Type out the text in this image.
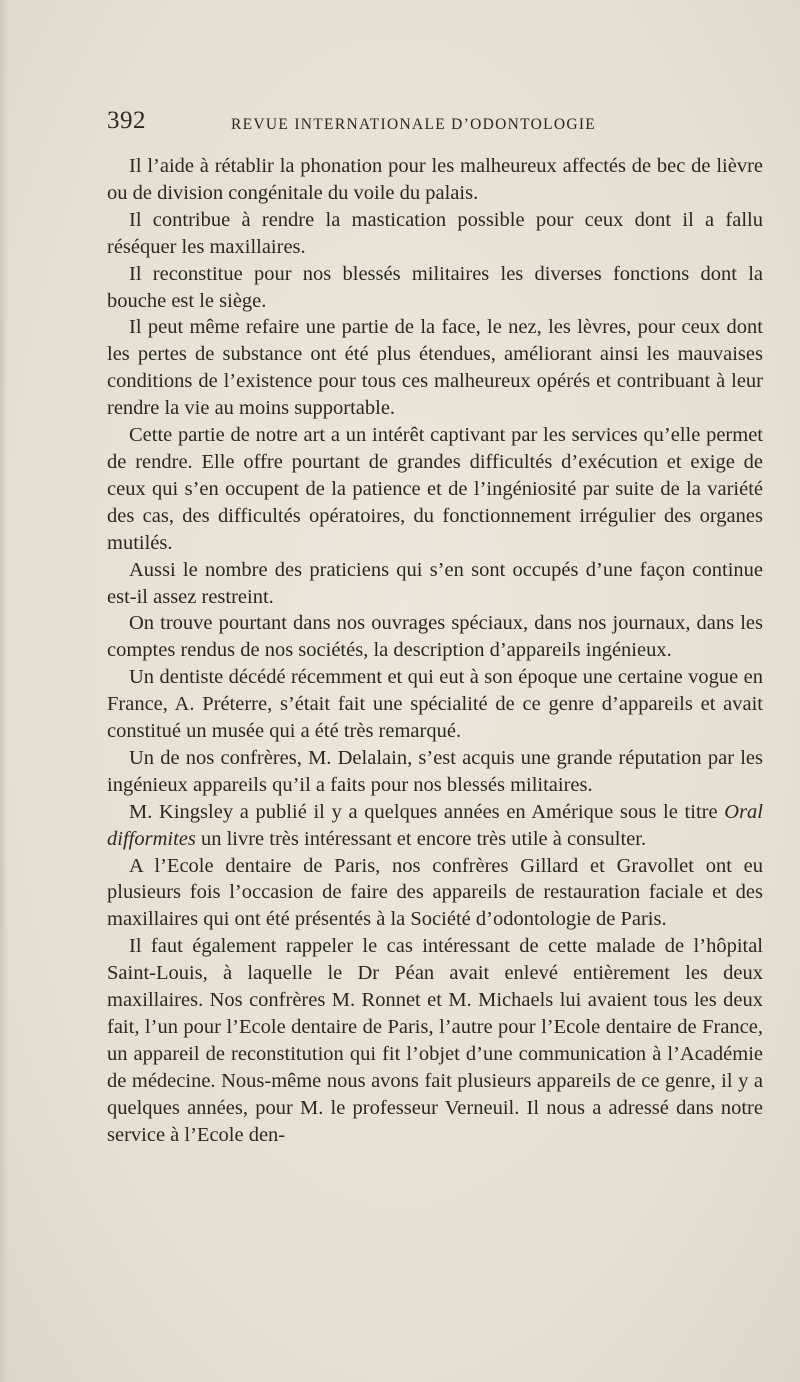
392	REVUE INTERNATIONALE D’ODONTOLOGIE

Il l’aide à rétablir la phonation pour les malheureux affectés de bec de lièvre ou de division congénitale du voile du palais.

Il contribue à rendre la mastication possible pour ceux dont il a fallu réséquer les maxillaires.

Il reconstitue pour nos blessés militaires les diverses fonctions dont la bouche est le siège.

Il peut même refaire une partie de la face, le nez, les lèvres, pour ceux dont les pertes de substance ont été plus étendues, améliorant ainsi les mauvaises conditions de l’existence pour tous ces malheureux opérés et contribuant à leur rendre la vie au moins supportable.

Cette partie de notre art a un intérêt captivant par les services qu’elle permet de rendre. Elle offre pourtant de grandes difficultés d’exécution et exige de ceux qui s’en occupent de la patience et de l’ingéniosité par suite de la variété des cas, des difficultés opératoires, du fonctionnement irrégulier des organes mutilés.

Aussi le nombre des praticiens qui s’en sont occupés d’une façon continue est-il assez restreint.

On trouve pourtant dans nos ouvrages spéciaux, dans nos journaux, dans les comptes rendus de nos sociétés, la description d’appareils ingénieux.

Un dentiste décédé récemment et qui eut à son époque une certaine vogue en France, A. Préterre, s’était fait une spécialité de ce genre d’appareils et avait constitué un musée qui a été très remarqué.

Un de nos confrères, M. Delalain, s’est acquis une grande réputation par les ingénieux appareils qu’il a faits pour nos blessés militaires.

M. Kingsley a publié il y a quelques années en Amérique sous le titre Oral difformites un livre très intéressant et encore très utile à consulter.

A l’Ecole dentaire de Paris, nos confrères Gillard et Gravollet ont eu plusieurs fois l’occasion de faire des appareils de restauration faciale et des maxillaires qui ont été présentés à la Société d’odontologie de Paris.

Il faut également rappeler le cas intéressant de cette malade de l’hôpital Saint-Louis, à laquelle le Dr Péan avait enlevé entièrement les deux maxillaires. Nos confrères M. Ronnet et M. Michaels lui avaient tous les deux fait, l’un pour l’Ecole dentaire de Paris, l’autre pour l’Ecole dentaire de France, un appareil de reconstitution qui fit l’objet d’une communication à l’Académie de médecine. Nous-même nous avons fait plusieurs appareils de ce genre, il y a quelques années, pour M. le professeur Verneuil. Il nous a adressé dans notre service à l’Ecole den-
